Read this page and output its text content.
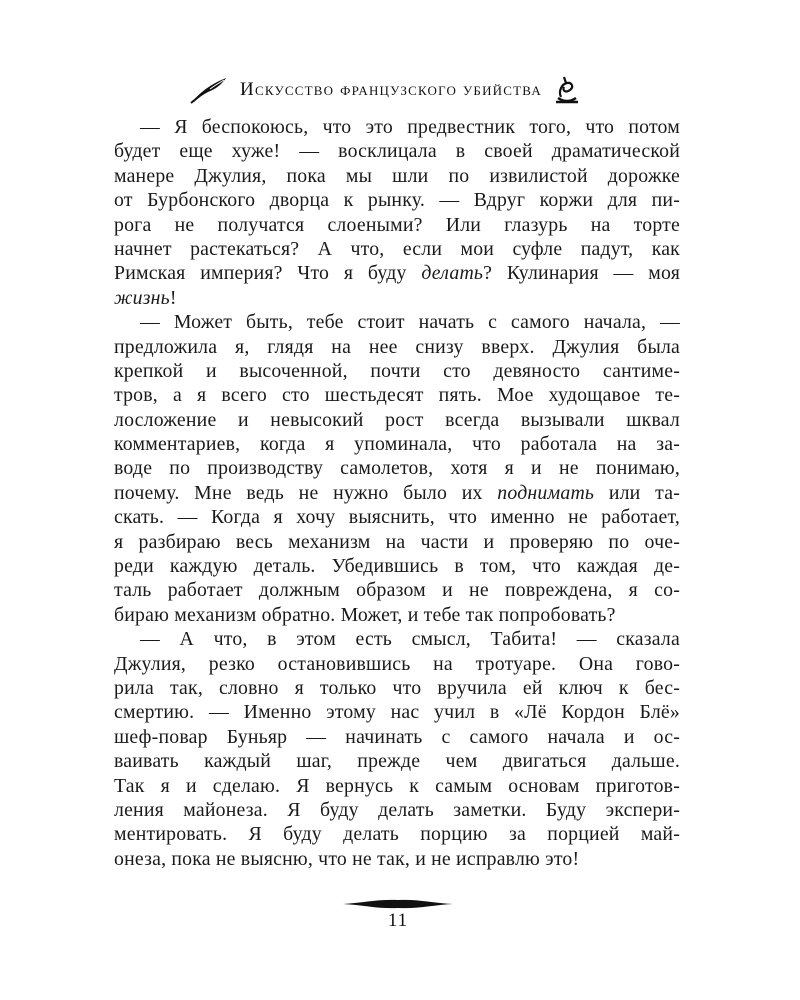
Искусство французского убийства
— Я беспокоюсь, что это предвестник того, что потом
будет еще хуже! — восклицала в своей драматической
манере Джулия, пока мы шли по извилистой дорожке
от Бурбонского дворца к рынку. — Вдруг коржи для пи-
рога не получатся слоеными? Или глазурь на торте
начнет растекаться? А что, если мои суфле падут, как
Римская империя? Что я буду делать? Кулинария — моя
жизнь!
— Может быть, тебе стоит начать с самого начала, —
предложила я, глядя на нее снизу вверх. Джулия была
крепкой и высоченной, почти сто девяносто сантиме-
тров, а я всего сто шестьдесят пять. Мое худощавое те-
лосложение и невысокий рост всегда вызывали шквал
комментариев, когда я упоминала, что работала на за-
воде по производству самолетов, хотя я и не понимаю,
почему. Мне ведь не нужно было их поднимать или та-
скать. — Когда я хочу выяснить, что именно не работает,
я разбираю весь механизм на части и проверяю по оче-
реди каждую деталь. Убедившись в том, что каждая де-
таль работает должным образом и не повреждена, я со-
бираю механизм обратно. Может, и тебе так попробовать?
— А что, в этом есть смысл, Табита! — сказала
Джулия, резко остановившись на тротуаре. Она гово-
рила так, словно я только что вручила ей ключ к бес-
смертию. — Именно этому нас учил в «Лё Кордон Блё»
шеф-повар Буньяр — начинать с самого начала и ос-
ваивать каждый шаг, прежде чем двигаться дальше.
Так я и сделаю. Я вернусь к самым основам приготов-
ления майонеза. Я буду делать заметки. Буду экспери-
ментировать. Я буду делать порцию за порцией май-
онеза, пока не выясню, что не так, и не исправлю это!
11
